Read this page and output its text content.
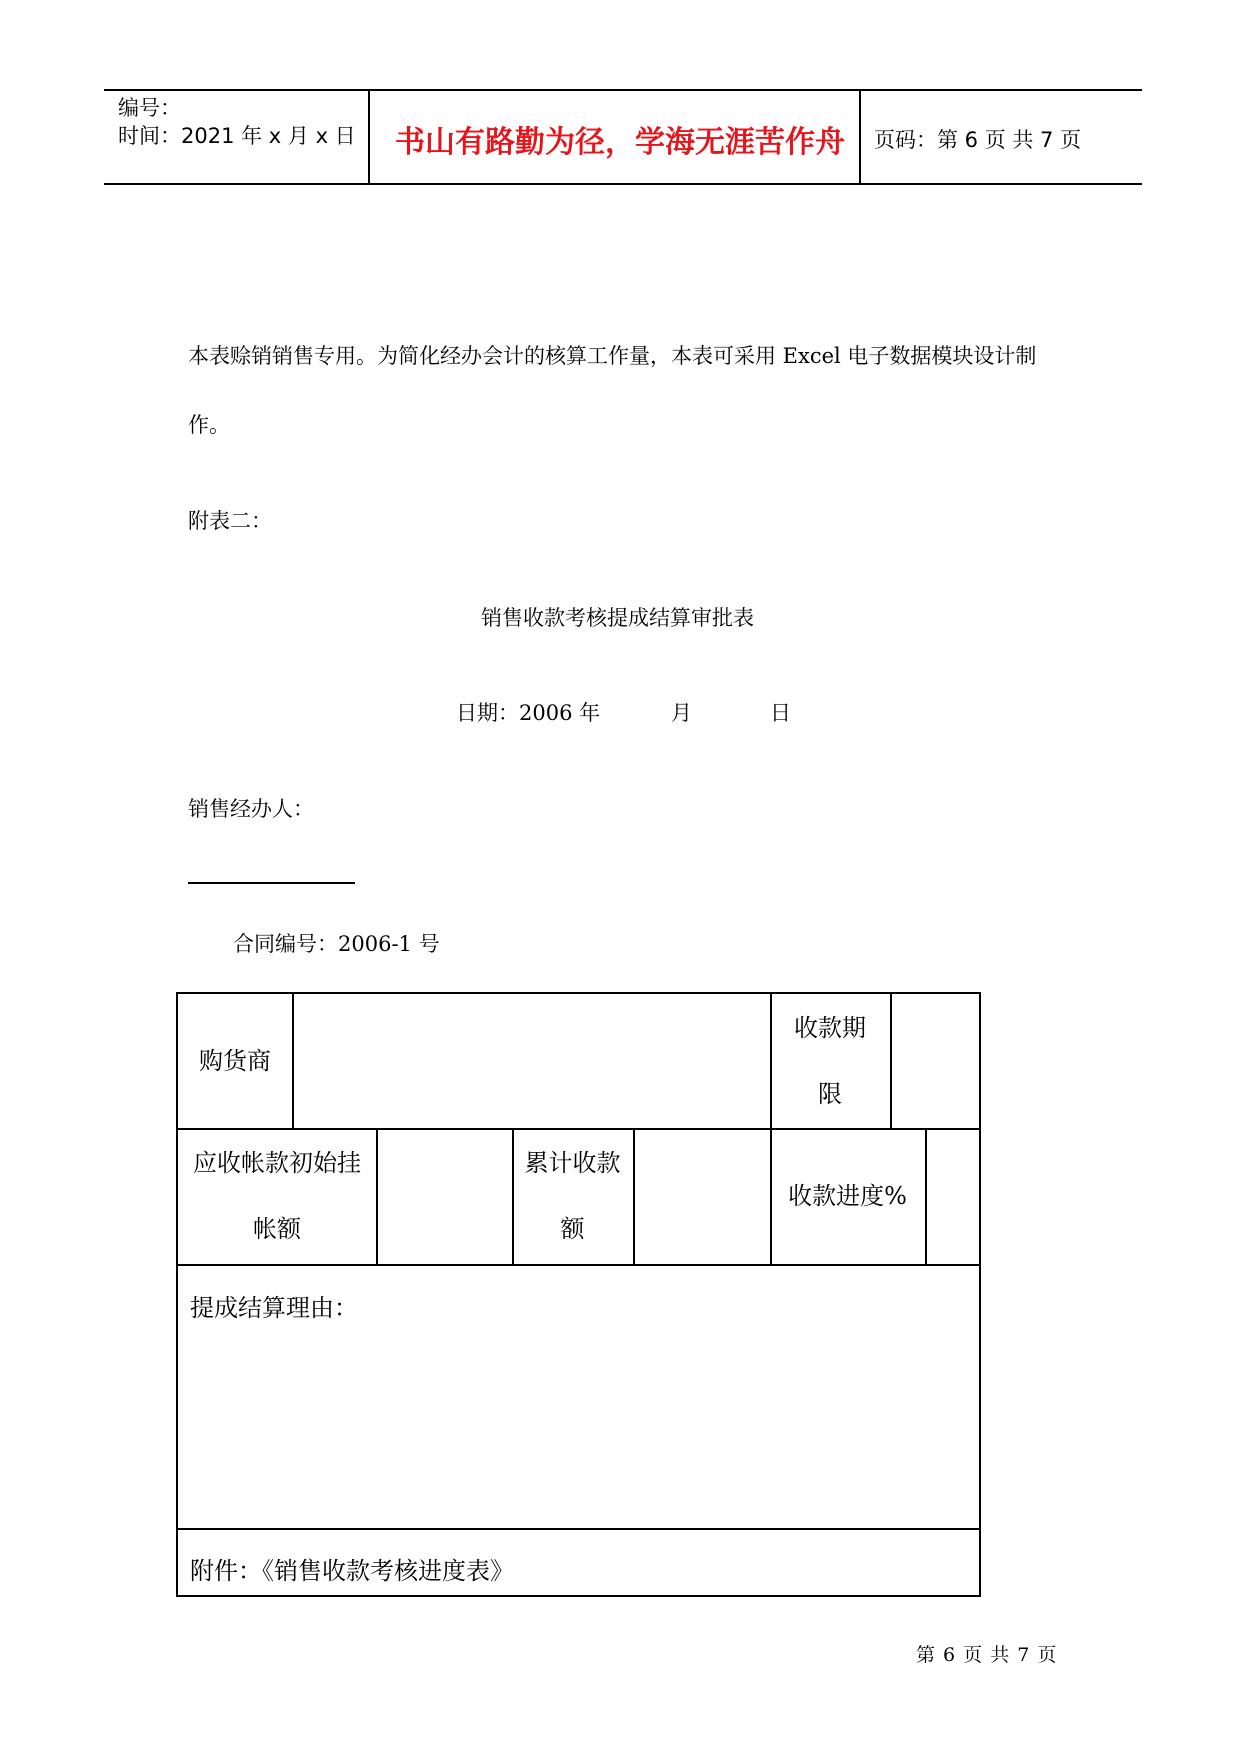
编号：
时间：2021 年 x 月 x 日 书山有路勤为径，学海无涯苦作舟 页码：第 6 页 共 7 页
本表赊销销售专用。为简化经办会计的核算工作量，本表可采用 Excel 电子数据模块设计制
作。
附表二：
销售收款考核提成结算审批表
日期：2006 年	月	日
销售经办人：
合同编号：2006-1 号
购货商
收款期
限
应收帐款初始挂
帐额
累计收款
额
收款进度%
提成结算理由：
附件：《销售收款考核进度表》
第 6 页 共 7 页
